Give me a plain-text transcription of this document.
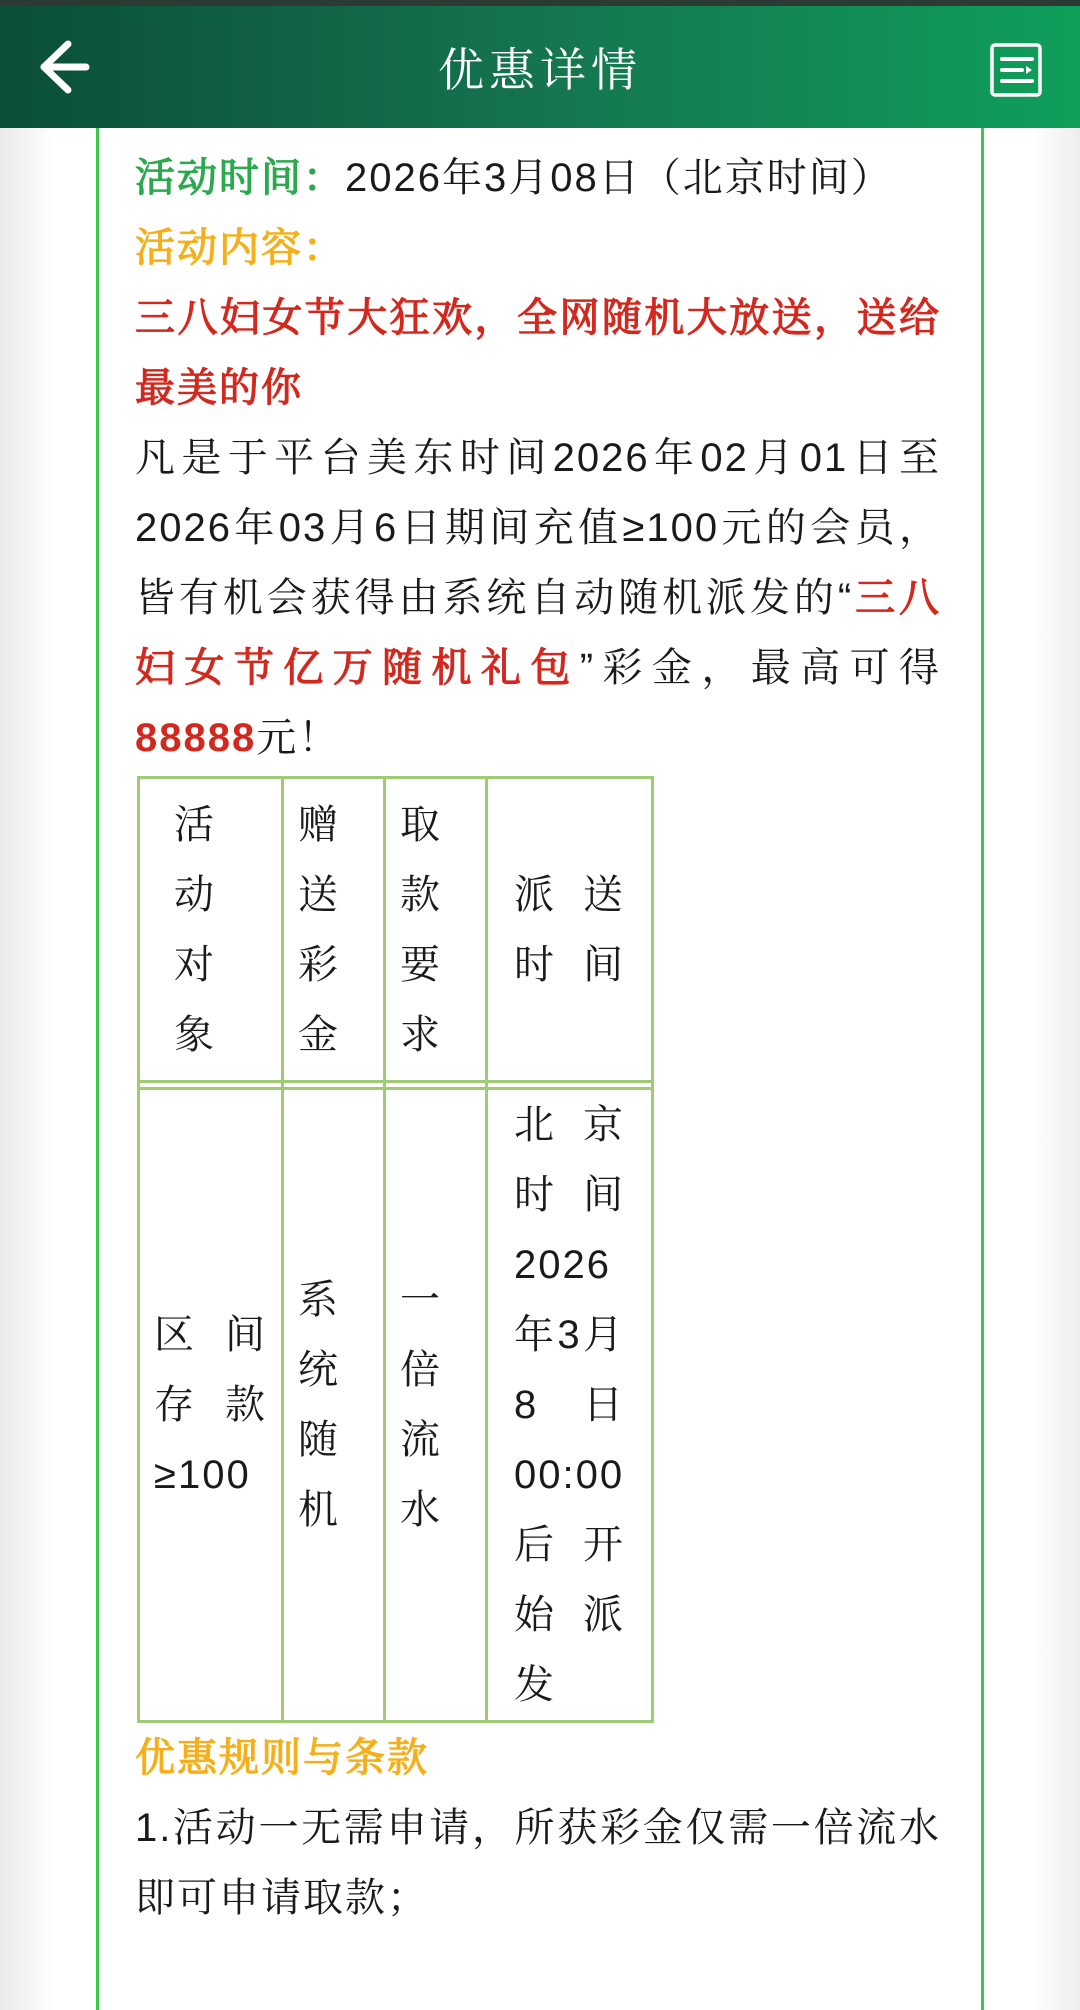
优惠详情

活动时间：2026年3月08日（北京时间）

活动内容：

三八妇女节大狂欢，全网随机大放送，送给最美的你

凡是于平台美东时间2026年02月01日至2026年03月6日期间充值≥100元的会员，皆有机会获得由系统自动随机派发的“三八妇女节亿万随机礼包”彩金，最高可得88888元！

活动对象	赠送彩金	取款要求	派送时间

区间存款≥100	系统随机	一倍流水	北京时间2026年3月8日00:00后开始派发

优惠规则与条款

1.活动一无需申请，所获彩金仅需一倍流水即可申请取款；
